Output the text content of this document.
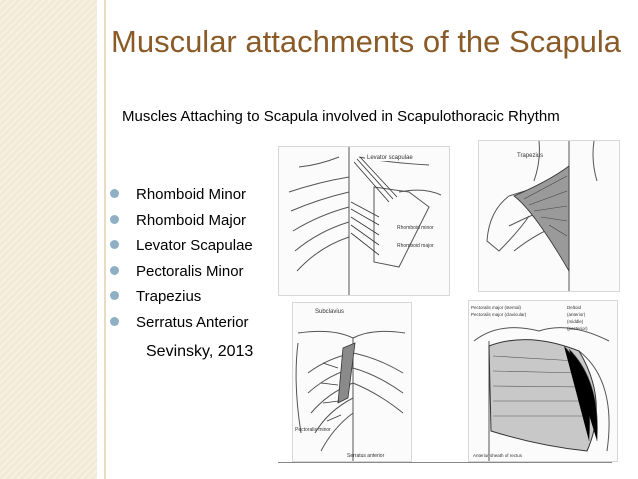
Muscular attachments of the Scapula
Muscles Attaching to Scapula involved in Scapulothoracic Rhythm
Rhomboid Minor
Rhomboid Major
Levator Scapulae
Pectoralis Minor
Trapezius
Serratus Anterior
Sevinsky, 2013
Levator scapulae
Rhomboid minor
Rhomboid major
Trapezius
Subclavius
Pectoralis minor
Serratus anterior
Pectoralis major (sternal)
Pectoralis major (clavicular)
Deltoid
(anterior)
(middle)
(posterior)
Anterior sheath of rectus
